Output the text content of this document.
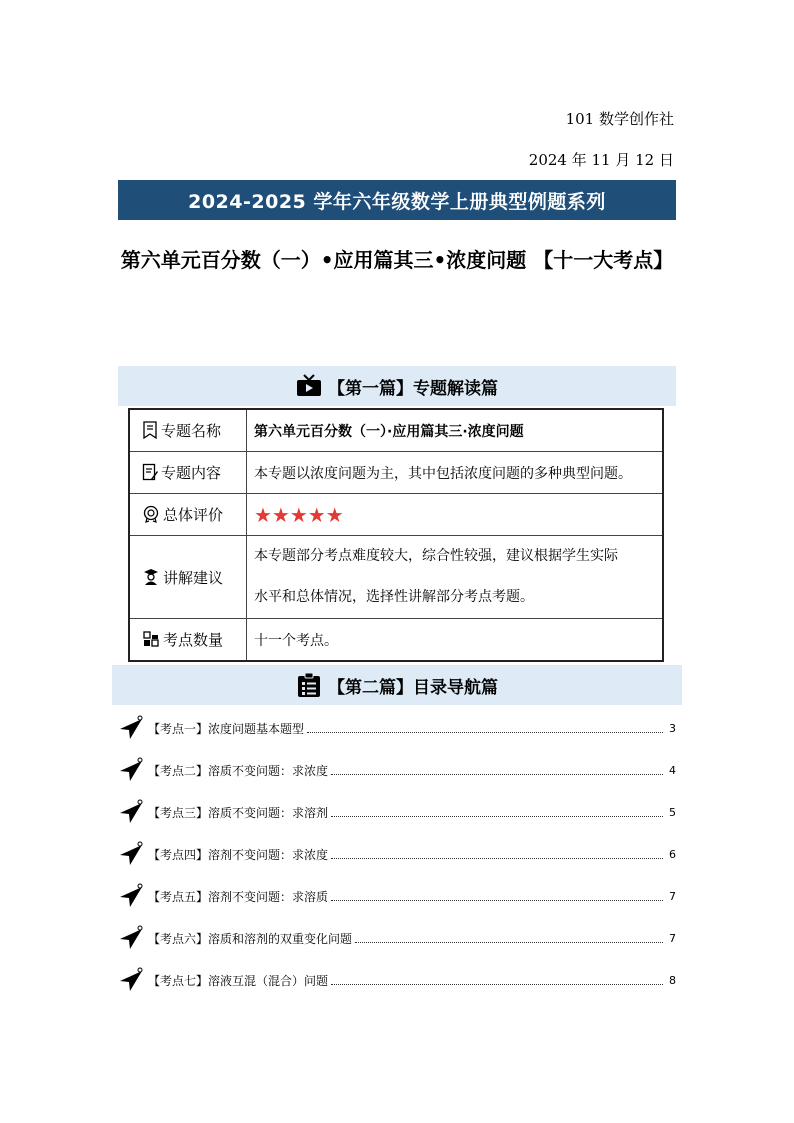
101 数学创作社
2024 年 11 月 12 日
2024-2025 学年六年级数学上册典型例题系列
第六单元百分数（一）•应用篇其三•浓度问题 【十一大考点】
【第一篇】专题解读篇
专题名称	第六单元百分数（一）·应用篇其三·浓度问题
专题内容	本专题以浓度问题为主，其中包括浓度问题的多种典型问题。
总体评价	★★★★★
讲解建议	本专题部分考点难度较大，综合性较强，建议根据学生实际
水平和总体情况，选择性讲解部分考点考题。

考点数量	十一个考点。
【第二篇】目录导航篇
【考点一】浓度问题基本题型	3
【考点二】溶质不变问题：求浓度	4
【考点三】溶质不变问题：求溶剂	5
【考点四】溶剂不变问题：求浓度	6
【考点五】溶剂不变问题：求溶质	7
【考点六】溶质和溶剂的双重变化问题	7
【考点七】溶液互混（混合）问题	8
